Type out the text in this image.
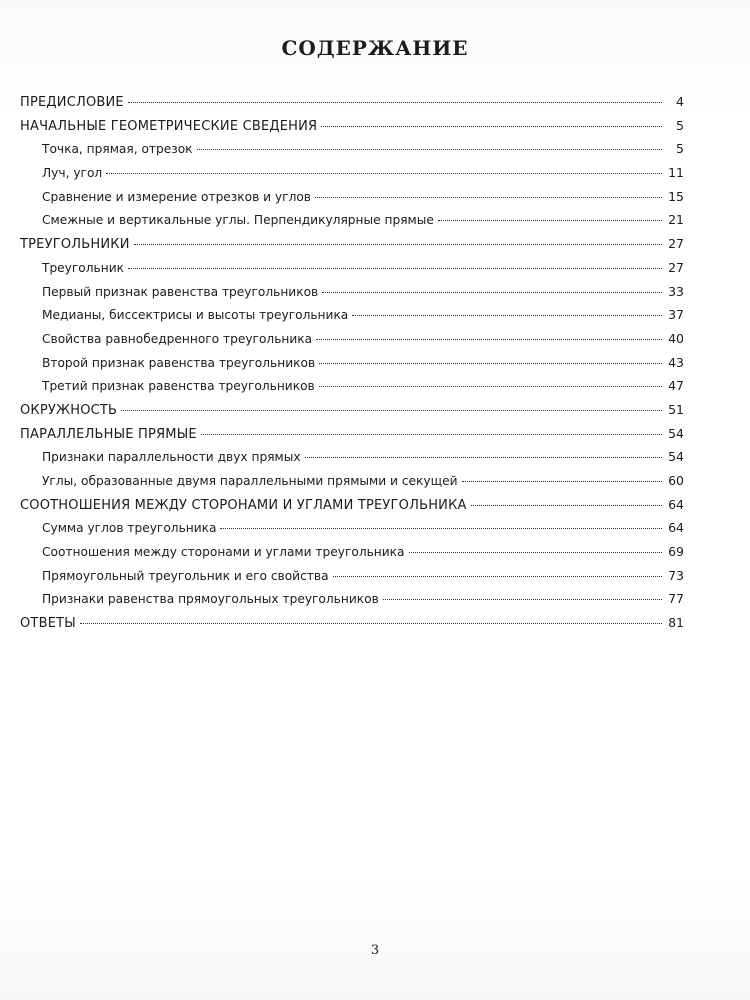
СОДЕРЖАНИЕ
ПРЕДИСЛОВИЕ	4
НАЧАЛЬНЫЕ ГЕОМЕТРИЧЕСКИЕ СВЕДЕНИЯ	5
Точка, прямая, отрезок	5
Луч, угол	11
Сравнение и измерение отрезков и углов	15
Смежные и вертикальные углы. Перпендикулярные прямые	21
ТРЕУГОЛЬНИКИ	27
Треугольник	27
Первый признак равенства треугольников	33
Медианы, биссектрисы и высоты треугольника	37
Свойства равнобедренного треугольника	40
Второй признак равенства треугольников	43
Третий признак равенства треугольников	47
ОКРУЖНОСТЬ	51
ПАРАЛЛЕЛЬНЫЕ ПРЯМЫЕ	54
Признаки параллельности двух прямых	54
Углы, образованные двумя параллельными прямыми и секущей	60
СООТНОШЕНИЯ МЕЖДУ СТОРОНАМИ И УГЛАМИ ТРЕУГОЛЬНИКА	64
Сумма углов треугольника	64
Соотношения между сторонами и углами треугольника	69
Прямоугольный треугольник и его свойства	73
Признаки равенства прямоугольных треугольников	77
ОТВЕТЫ	81
3
